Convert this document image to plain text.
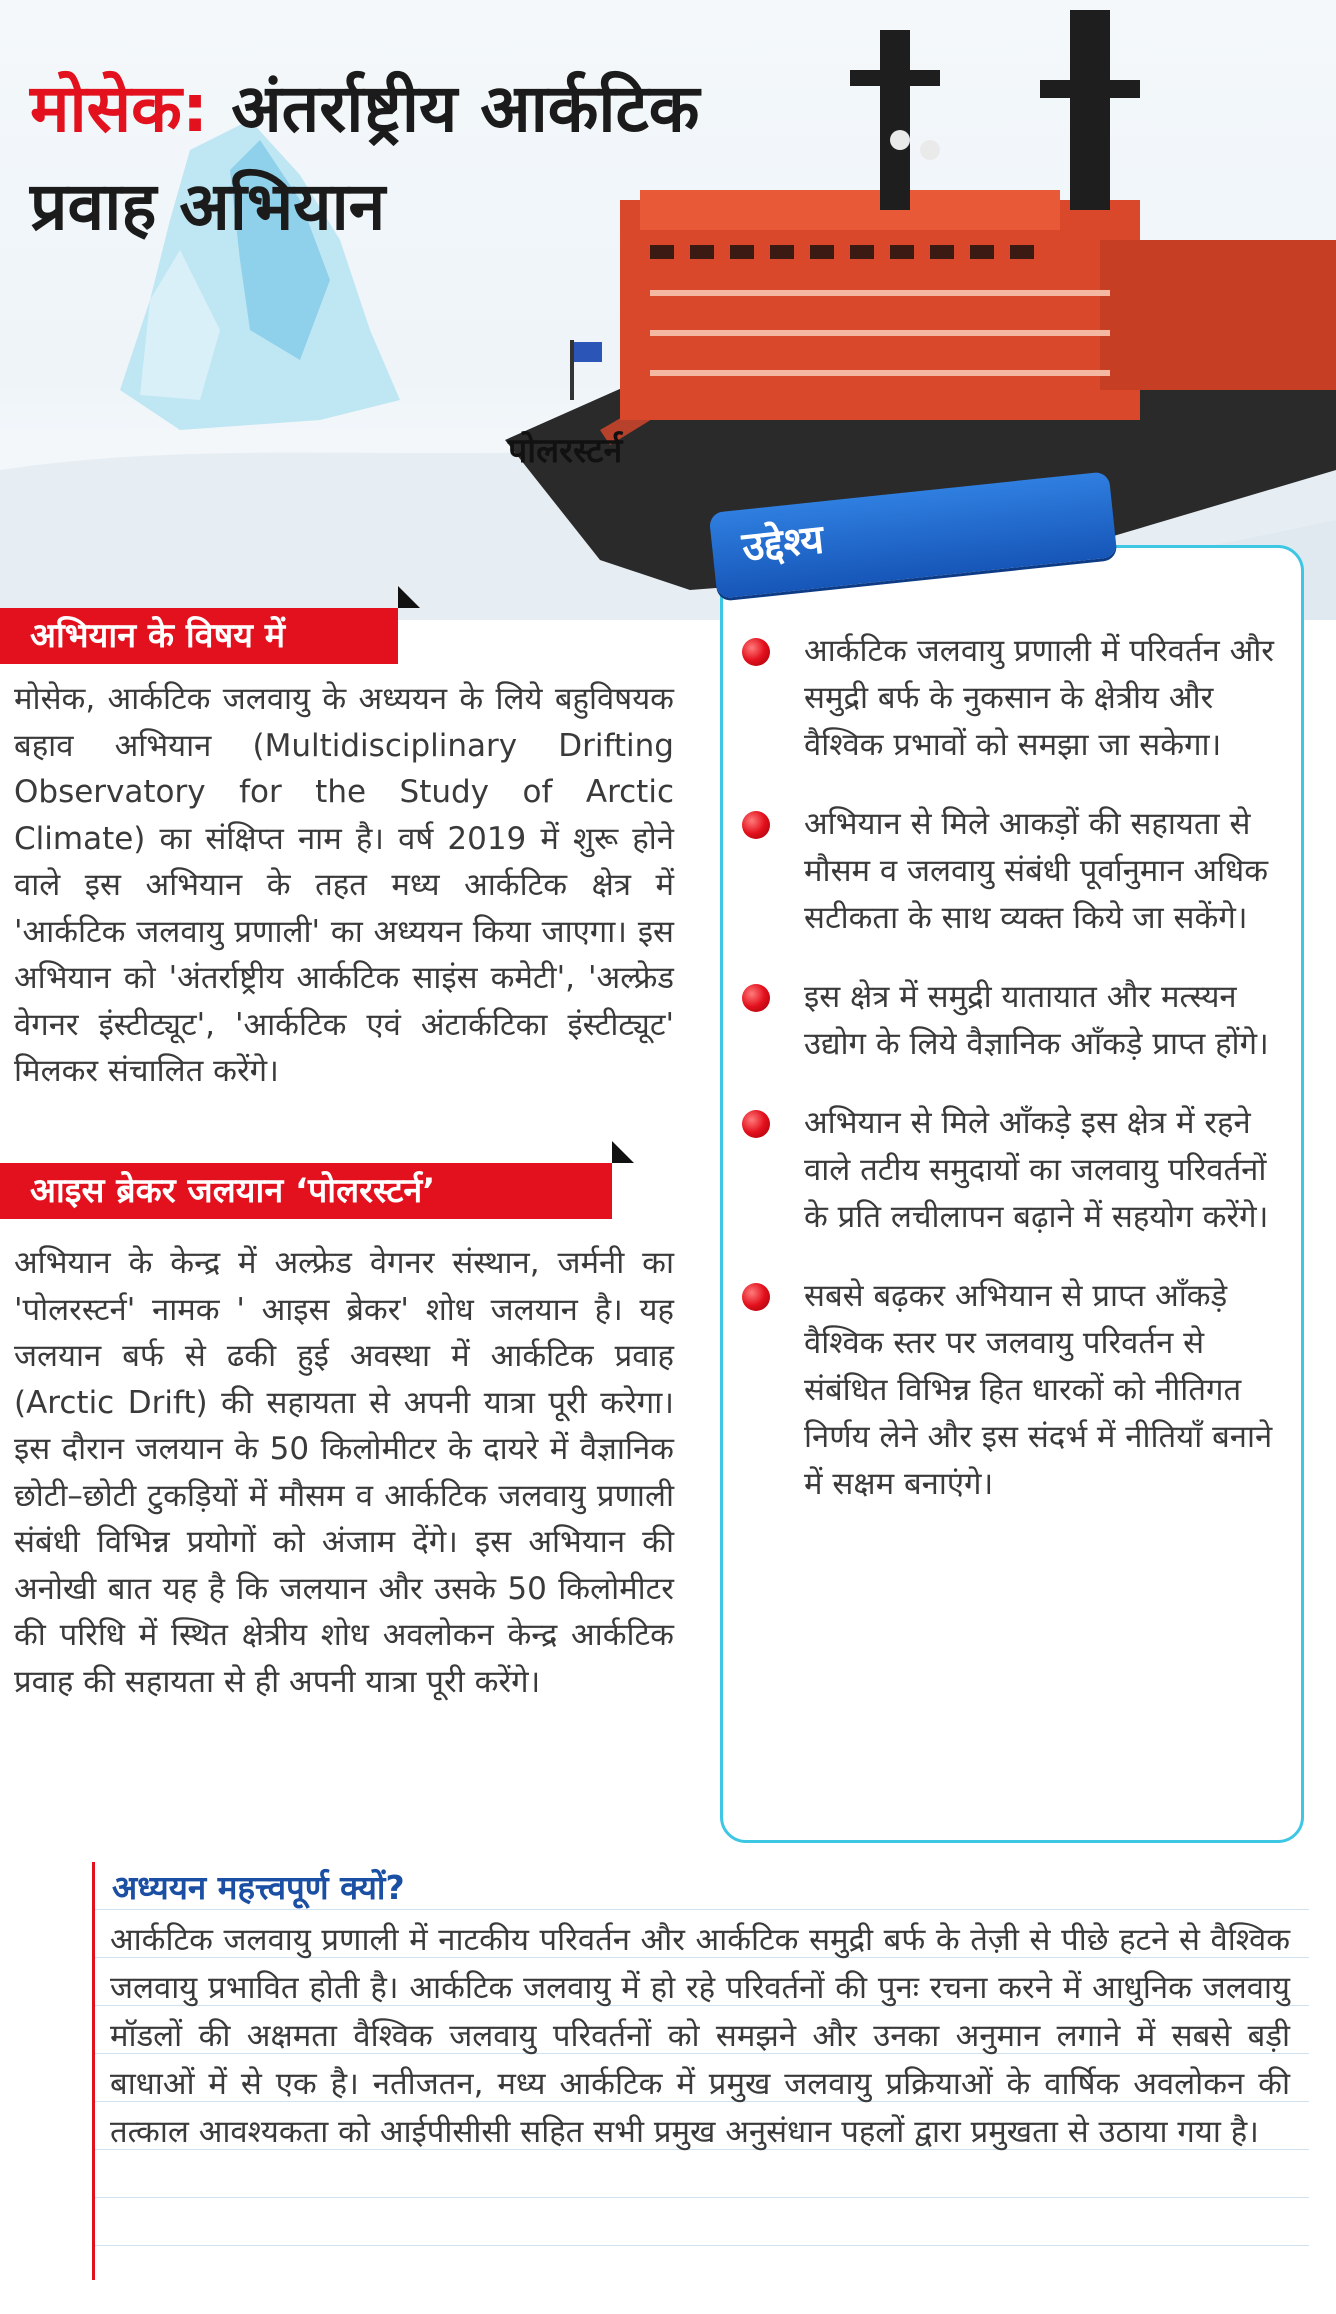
मोसेक: अंतर्राष्ट्रीय आर्कटिक प्रवाह अभियान
पोलरस्टर्न
अभियान के विषय में

मोसेक, आर्कटिक जलवायु के अध्ययन के लिये बहुविषयक बहाव अभियान (Multidisciplinary Drifting Observatory for the Study of Arctic Climate) का संक्षिप्त नाम है। वर्ष 2019 में शुरू होने वाले इस अभियान के तहत मध्य आर्कटिक क्षेत्र में 'आर्कटिक जलवायु प्रणाली' का अध्ययन किया जाएगा। इस अभियान को 'अंतर्राष्ट्रीय आर्कटिक साइंस कमेटी', 'अल्फ्रेड वेगनर इंस्टीट्यूट', 'आर्कटिक एवं अंटार्कटिका इंस्टीट्यूट' मिलकर संचालित करेंगे।

आइस ब्रेकर जलयान ‘पोलरस्टर्न’

अभियान के केन्द्र में अल्फ्रेड वेगनर संस्थान, जर्मनी का 'पोलरस्टर्न' नामक ' आइस ब्रेकर' शोध जलयान है। यह जलयान बर्फ से ढकी हुई अवस्था में आर्कटिक प्रवाह (Arctic Drift) की सहायता से अपनी यात्रा पूरी करेगा। इस दौरान जलयान के 50 किलोमीटर के दायरे में वैज्ञानिक छोटी–छोटी टुकड़ियों में मौसम व आर्कटिक जलवायु प्रणाली संबंधी विभिन्न प्रयोगों को अंजाम देंगे। इस अभियान की अनोखी बात यह है कि जलयान और उसके 50 किलोमीटर की परिधि में स्थित क्षेत्रीय शोध अवलोकन केन्द्र आर्कटिक प्रवाह की सहायता से ही अपनी यात्रा पूरी करेंगे।

उद्देश्य
आर्कटिक जलवायु प्रणाली में परिवर्तन और समुद्री बर्फ के नुकसान के क्षेत्रीय और वैश्विक प्रभावों को समझा जा सकेगा।
अभियान से मिले आकड़ों की सहायता से मौसम व जलवायु संबंधी पूर्वानुमान अधिक सटीकता के साथ व्यक्त किये जा सकेंगे।
इस क्षेत्र में समुद्री यातायात और मत्स्यन उद्योग के लिये वैज्ञानिक आँकड़े प्राप्त होंगे।
अभियान से मिले आँकड़े इस क्षेत्र में रहने वाले तटीय समुदायों का जलवायु परिवर्तनों के प्रति लचीलापन बढ़ाने में सहयोग करेंगे।
सबसे बढ़कर अभियान से प्राप्त आँकड़े वैश्विक स्तर पर जलवायु परिवर्तन से संबंधित विभिन्न हित धारकों को नीतिगत निर्णय लेने और इस संदर्भ में नीतियाँ बनाने में सक्षम बनाएंगे।
अध्ययन महत्त्वपूर्ण क्यों?

आर्कटिक जलवायु प्रणाली में नाटकीय परिवर्तन और आर्कटिक समुद्री बर्फ के तेज़ी से पीछे हटने से वैश्विक जलवायु प्रभावित होती है। आर्कटिक जलवायु में हो रहे परिवर्तनों की पुनः रचना करने में आधुनिक जलवायु मॉडलों की अक्षमता वैश्विक जलवायु परिवर्तनों को समझने और उनका अनुमान लगाने में सबसे बड़ी बाधाओं में से एक है। नतीजतन, मध्य आर्कटिक में प्रमुख जलवायु प्रक्रियाओं के वार्षिक अवलोकन की तत्काल आवश्यकता को आईपीसीसी सहित सभी प्रमुख अनुसंधान पहलों द्वारा प्रमुखता से उठाया गया है।
